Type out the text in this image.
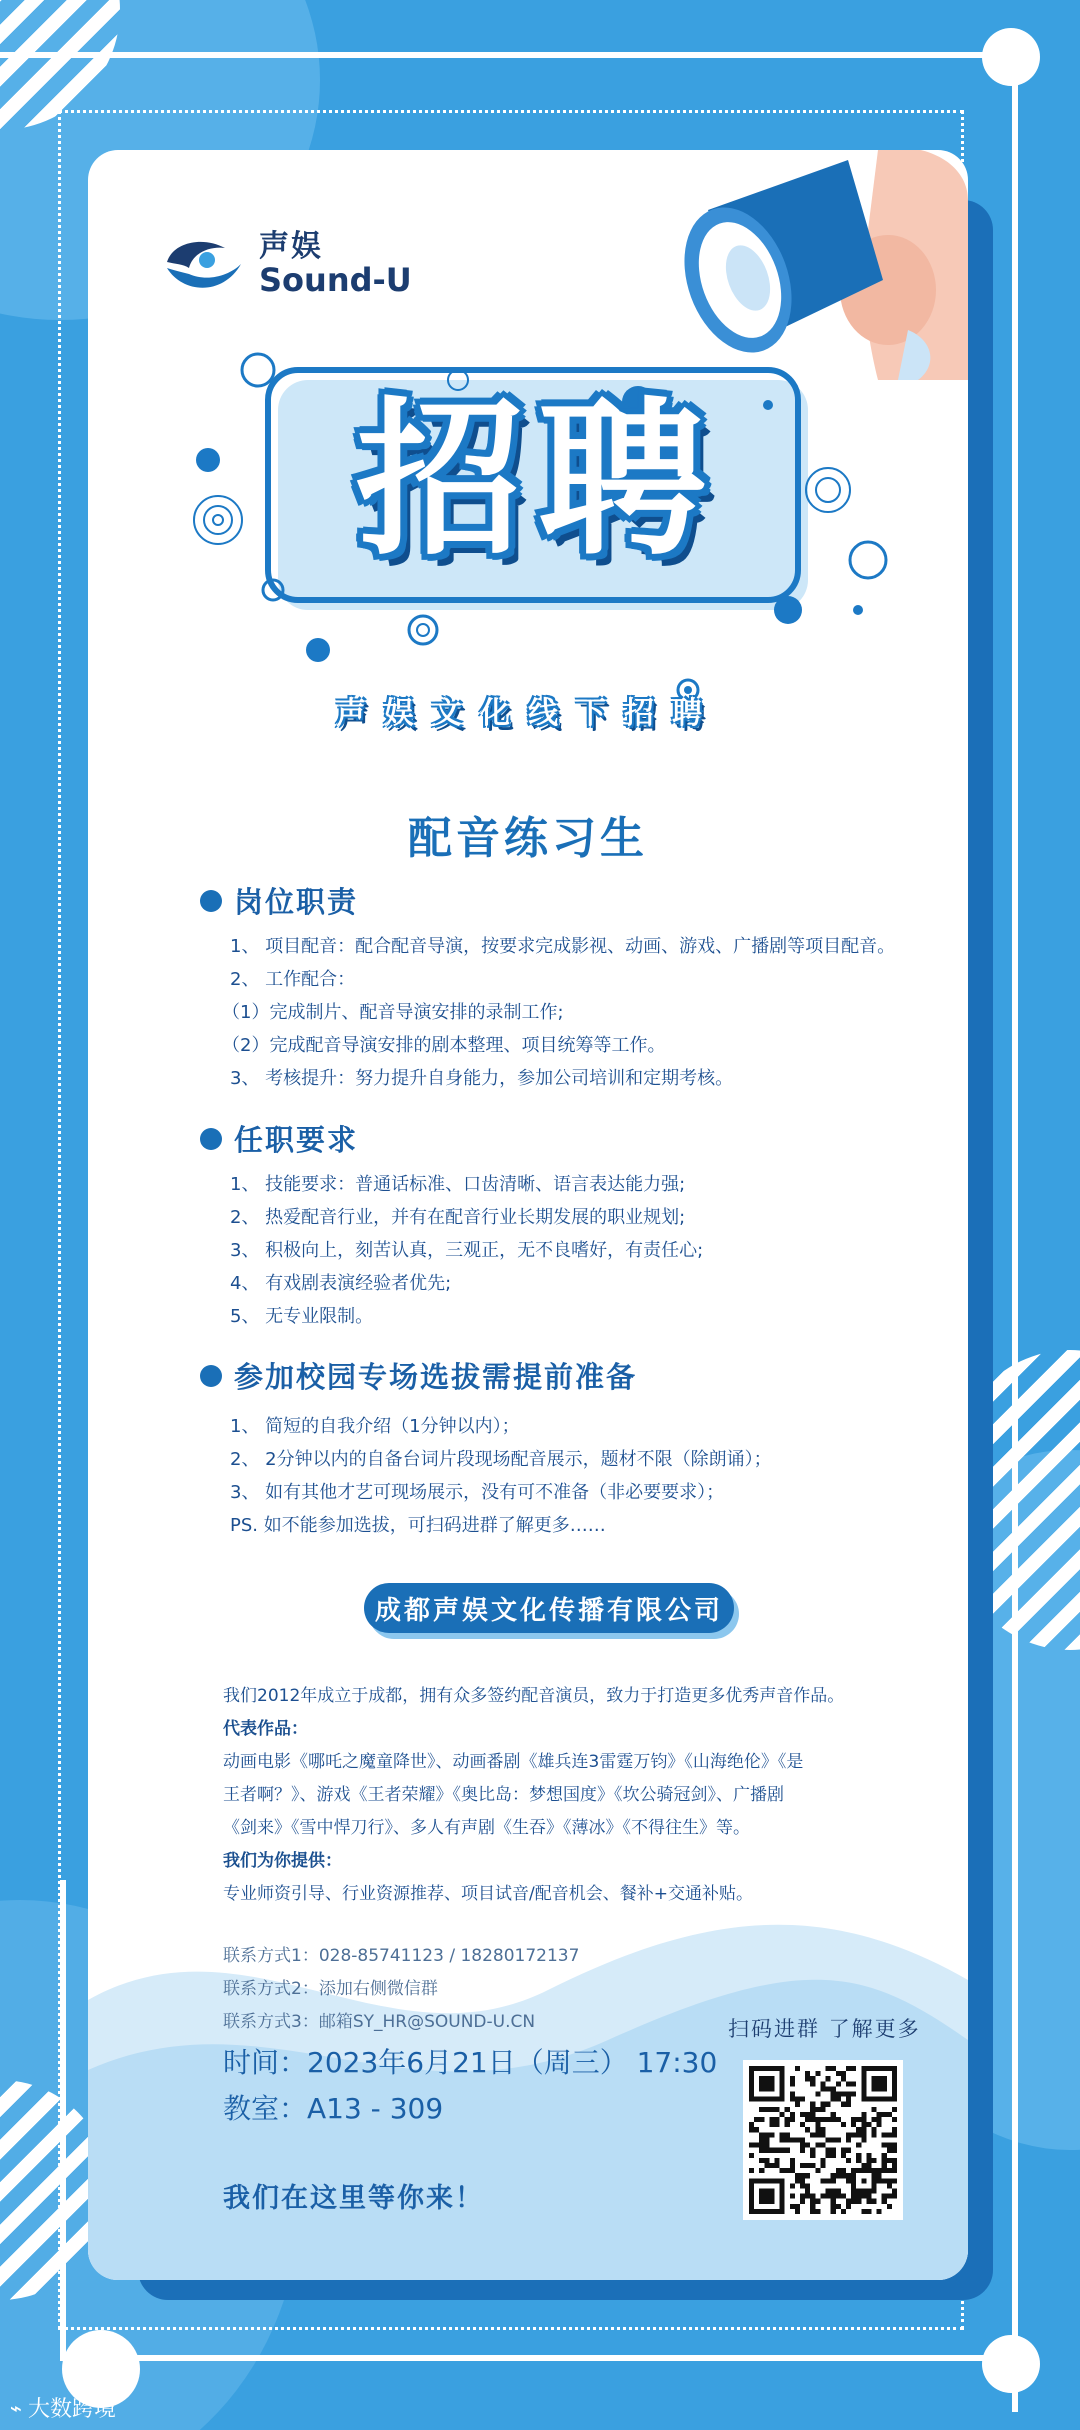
声娱
Sound-U
招聘
声娱文化线下招聘
配音练习生
岗位职责
1、 项目配音：配合配音导演，按要求完成影视、动画、游戏、广播剧等项目配音。
2、 工作配合：
（1）完成制片、配音导演安排的录制工作;
（2）完成配音导演安排的剧本整理、项目统筹等工作。
3、 考核提升：努力提升自身能力，参加公司培训和定期考核。
任职要求
1、 技能要求：普通话标准、口齿清晰、语言表达能力强;
2、 热爱配音行业，并有在配音行业长期发展的职业规划;
3、 积极向上，刻苦认真，三观正，无不良嗜好，有责任心;
4、 有戏剧表演经验者优先;
5、 无专业限制。
参加校园专场选拔需提前准备
1、 简短的自我介绍（1分钟以内）；
2、 2分钟以内的自备台词片段现场配音展示，题材不限（除朗诵）；
3、 如有其他才艺可现场展示，没有可不准备（非必要要求）；
PS. 如不能参加选拔，可扫码进群了解更多……
成都声娱文化传播有限公司
我们2012年成立于成都，拥有众多签约配音演员，致力于打造更多优秀声音作品。
代表作品：
动画电影《哪吒之魔童降世》、动画番剧《雄兵连3雷霆万钧》《山海绝伦》《是
王者啊？》、游戏《王者荣耀》《奥比岛：梦想国度》《坎公骑冠剑》、广播剧
《剑来》《雪中悍刀行》、多人有声剧《生吞》《薄冰》《不得往生》等。
我们为你提供：
专业师资引导、行业资源推荐、项目试音/配音机会、餐补+交通补贴。
联系方式1：028-85741123 / 18280172137
联系方式2：添加右侧微信群
联系方式3：邮箱SY_HR@SOUND-U.CN
时间：2023年6月21日（周三） 17:30
教室：A13 - 309
我们在这里等你来！
扫码进群 了解更多
⌁ 大数跨境
